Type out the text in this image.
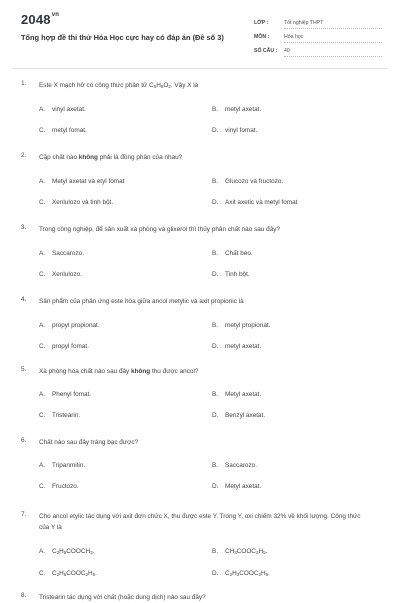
$2048^{vn}$
Tổng hợp đề thi thử Hóa Học cực hay có đáp án (Đề số 3)
LỚP :	Tốt nghiệp THPT
MÔN :	Hóa học
SỐ CÂU : 40
1. Este X mạch hở có công thức phân tử $C_5H_8O_2$. Vậy X là
A. vinyl axetat.	B. metyl axetat.
C. metyl fomat.	D. vinyl fomat.
2. Cặp chất nào không phải là đồng phân của nhau?
A. Metyl axetat và etyl fomat	B. Glucozo và fructozo.
C. Xenlulozo và tinh bột.	D. Axit axetic và metyl fomat
3. Trong công nghiệp, để sản xuất xà phòng và glixerol thì thủy phân chất nào sau đây?
A. Saccarozo.	B. Chất béo.
C. Xenlulozo.	D. Tinh bột.
4. Sản phẩm của phản ứng este hóa giữa ancol metylic và axit propionic là
A. propyl propionat.	B. metyl propionat.
C. propyl fomat.	D. metyl axetat.
5. Xà phòng hóa chất nào sau đây không thu được ancol?
A. Phenyl fomat.	B. Metyl axetat.
C. Tristearin.	D. Benzyl axetat.
6. Chất nào sau đây tráng bạc được?
A. Tripanmitin.	B. Saccarozo.
C. Fructozo.	D. Metyl axetat.
7. Cho ancol etylic tác dụng với axit đơn chức X, thu được este Y. Trong Y, oxi chiếm 32% về khối lượng. Công thức của Y là
A. $C_2H_5COOCH_3$.	B. $CH_3COOC_2H_5$.
C. $C_2H_5COOC_2H_5$.	D. $C_2H_3COOC_2H_5$.
8. Tristearin tác dụng với chất (hoặc dung dịch) nào sau đây?
